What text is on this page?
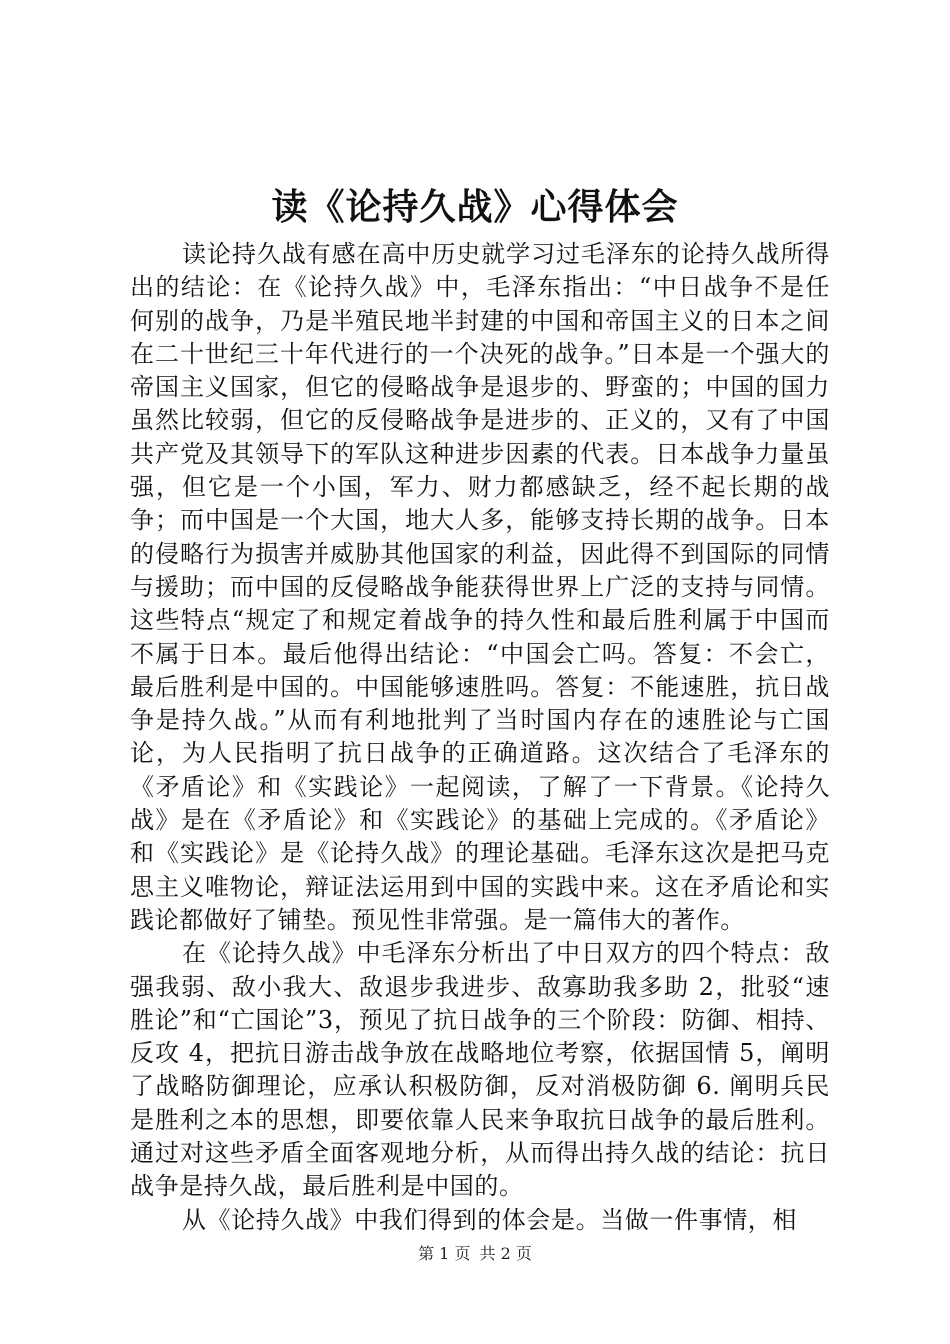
读《论持久战》心得体会

读论持久战有感在高中历史就学习过毛泽东的论持久战所得出的结论：在《论持久战》中，毛泽东指出：“中日战争不是任何别的战争，乃是半殖民地半封建的中国和帝国主义的日本之间在二十世纪三十年代进行的一个决死的战争。”日本是一个强大的帝国主义国家，但它的侵略战争是退步的、野蛮的；中国的国力虽然比较弱，但它的反侵略战争是进步的、正义的，又有了中国共产党及其领导下的军队这种进步因素的代表。日本战争力量虽强，但它是一个小国，军力、财力都感缺乏，经不起长期的战争；而中国是一个大国，地大人多，能够支持长期的战争。日本的侵略行为损害并威胁其他国家的利益，因此得不到国际的同情与援助；而中国的反侵略战争能获得世界上广泛的支持与同情。这些特点“规定了和规定着战争的持久性和最后胜利属于中国而不属于日本。最后他得出结论：“中国会亡吗。答复：不会亡，最后胜利是中国的。中国能够速胜吗。答复：不能速胜，抗日战争是持久战。”从而有利地批判了当时国内存在的速胜论与亡国论，为人民指明了抗日战争的正确道路。这次结合了毛泽东的《矛盾论》和《实践论》一起阅读，了解了一下背景。《论持久战》是在《矛盾论》和《实践论》的基础上完成的。《矛盾论》和《实践论》是《论持久战》的理论基础。毛泽东这次是把马克思主义唯物论，辩证法运用到中国的实践中来。这在矛盾论和实践论都做好了铺垫。预见性非常强。是一篇伟大的著作。

在《论持久战》中毛泽东分析出了中日双方的四个特点：敌强我弱、敌小我大、敌退步我进步、敌寡助我多助 2，批驳“速胜论”和“亡国论”3，预见了抗日战争的三个阶段：防御、相持、反攻 4，把抗日游击战争放在战略地位考察，依据国情 5，阐明了战略防御理论，应承认积极防御，反对消极防御 6. 阐明兵民是胜利之本的思想，即要依靠人民来争取抗日战争的最后胜利。通过对这些矛盾全面客观地分析，从而得出持久战的结论：抗日战争是持久战，最后胜利是中国的。

从《论持久战》中我们得到的体会是。当做一件事情，相

第 1 页 共 2 页
